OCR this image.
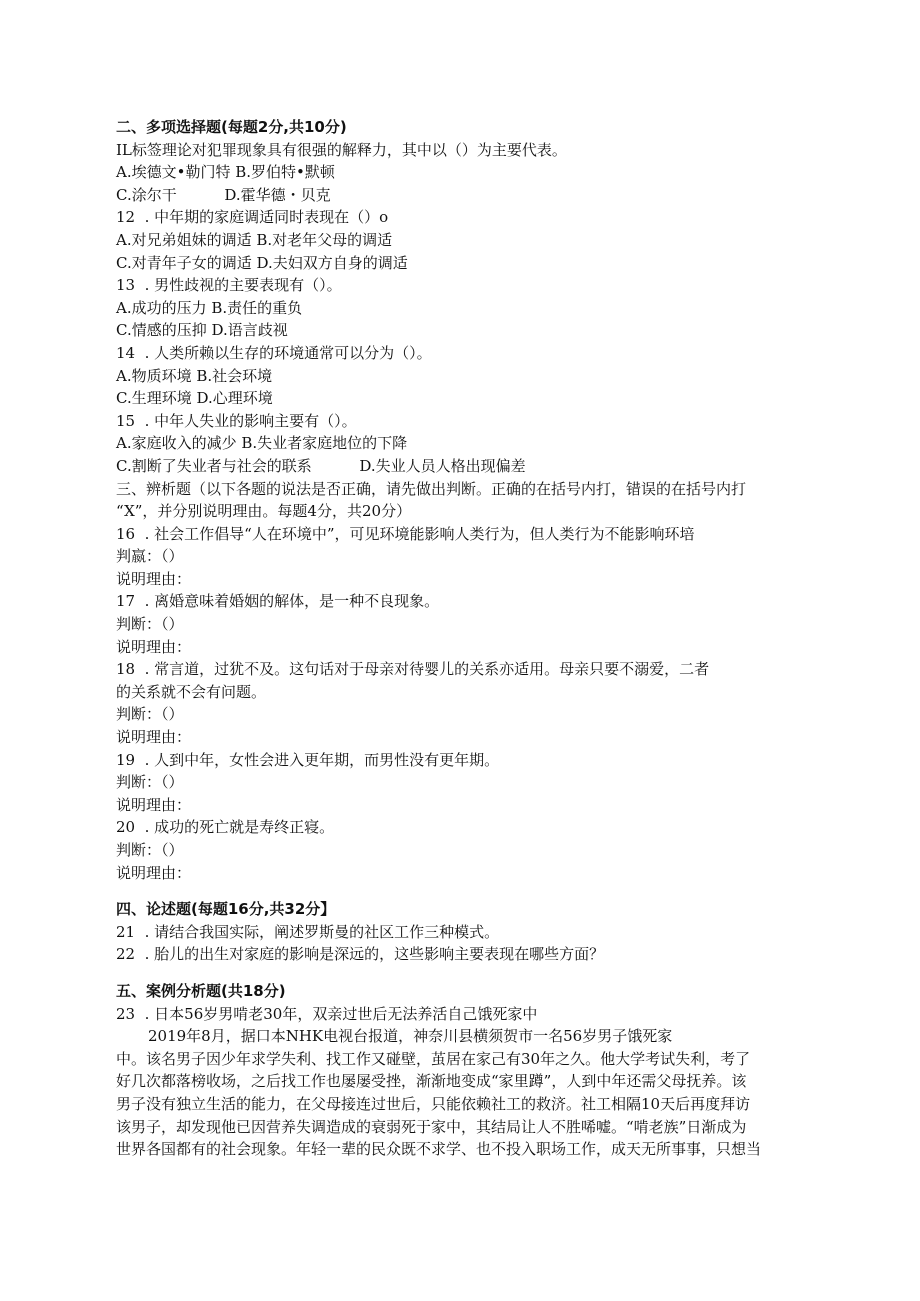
二、多项选择题(每题2分,共10分)
IL标签理论对犯罪现象具有很强的解释力，其中以（）为主要代表。
A.埃德文•勒门特 B.罗伯特•默顿
C.涂尔干          D.霍华德・贝克
12  . 中年期的家庭调适同时表现在（）o
A.对兄弟姐妹的调适 B.对老年父母的调适
C.对青年子女的调适 D.夫妇双方自身的调适
13  . 男性歧视的主要表现有（）。
A.成功的压力 B.责任的重负
C.情感的压抑 D.语言歧视
14  . 人类所赖以生存的环境通常可以分为（）。
A.物质环境 B.社会环境
C.生理环境 D.心理环境
15  . 中年人失业的影响主要有（）。
A.家庭收入的减少 B.失业者家庭地位的下降
C.割断了失业者与社会的联系          D.失业人员人格出现偏差
三、辨析题（以下各题的说法是否正确，请先做出判断。正确的在括号内打，错误的在括号内打
“X”，并分别说明理由。每题4分，共20分）
16  . 社会工作倡导“人在环境中”，可见环境能影响人类行为，但人类行为不能影响环培
判嬴：（）
说明理由：
17  . 离婚意味着婚姻的解体，是一种不良现象。
判断：（）
说明理由：
18  . 常言道，过犹不及。这句话对于母亲对待婴儿的关系亦适用。母亲只要不溺爱，二者
的关系就不会有问题。
判断：（）
说明理由：
19  . 人到中年，女性会进入更年期，而男性没有更年期。
判断：（）
说明理由：
20  . 成功的死亡就是寿终正寝。
判断：（）
说明理由：
四、论述题(每题16分,共32分】
21  . 请结合我国实际，阐述罗斯曼的社区工作三种模式。
22  . 胎儿的出生对家庭的影响是深远的，这些影响主要表现在哪些方面？
五、案例分析题(共18分)
23  . 日本56岁男啃老30年，双亲过世后无法养活自己饿死家中
2019年8月，据口本NHK电视台报道，神奈川县横须贺市一名56岁男子饿死家
中。该名男子因少年求学失利、找工作又碰壁，茧居在家己有30年之久。他大学考试失利，考了
好几次都落榜收场，之后找工作也屡屡受挫，渐渐地变成“家里蹲”，人到中年还需父母抚养。该
男子没有独立生活的能力，在父母接连过世后，只能依赖社工的救济。社工相隔10天后再度拜访
该男子，却发现他已因营养失调造成的衰弱死于家中，其结局让人不胜唏嘘。“啃老族”日渐成为
世界各国都有的社会现象。年轻一辈的民众既不求学、也不投入职场工作，成天无所事事，只想当
